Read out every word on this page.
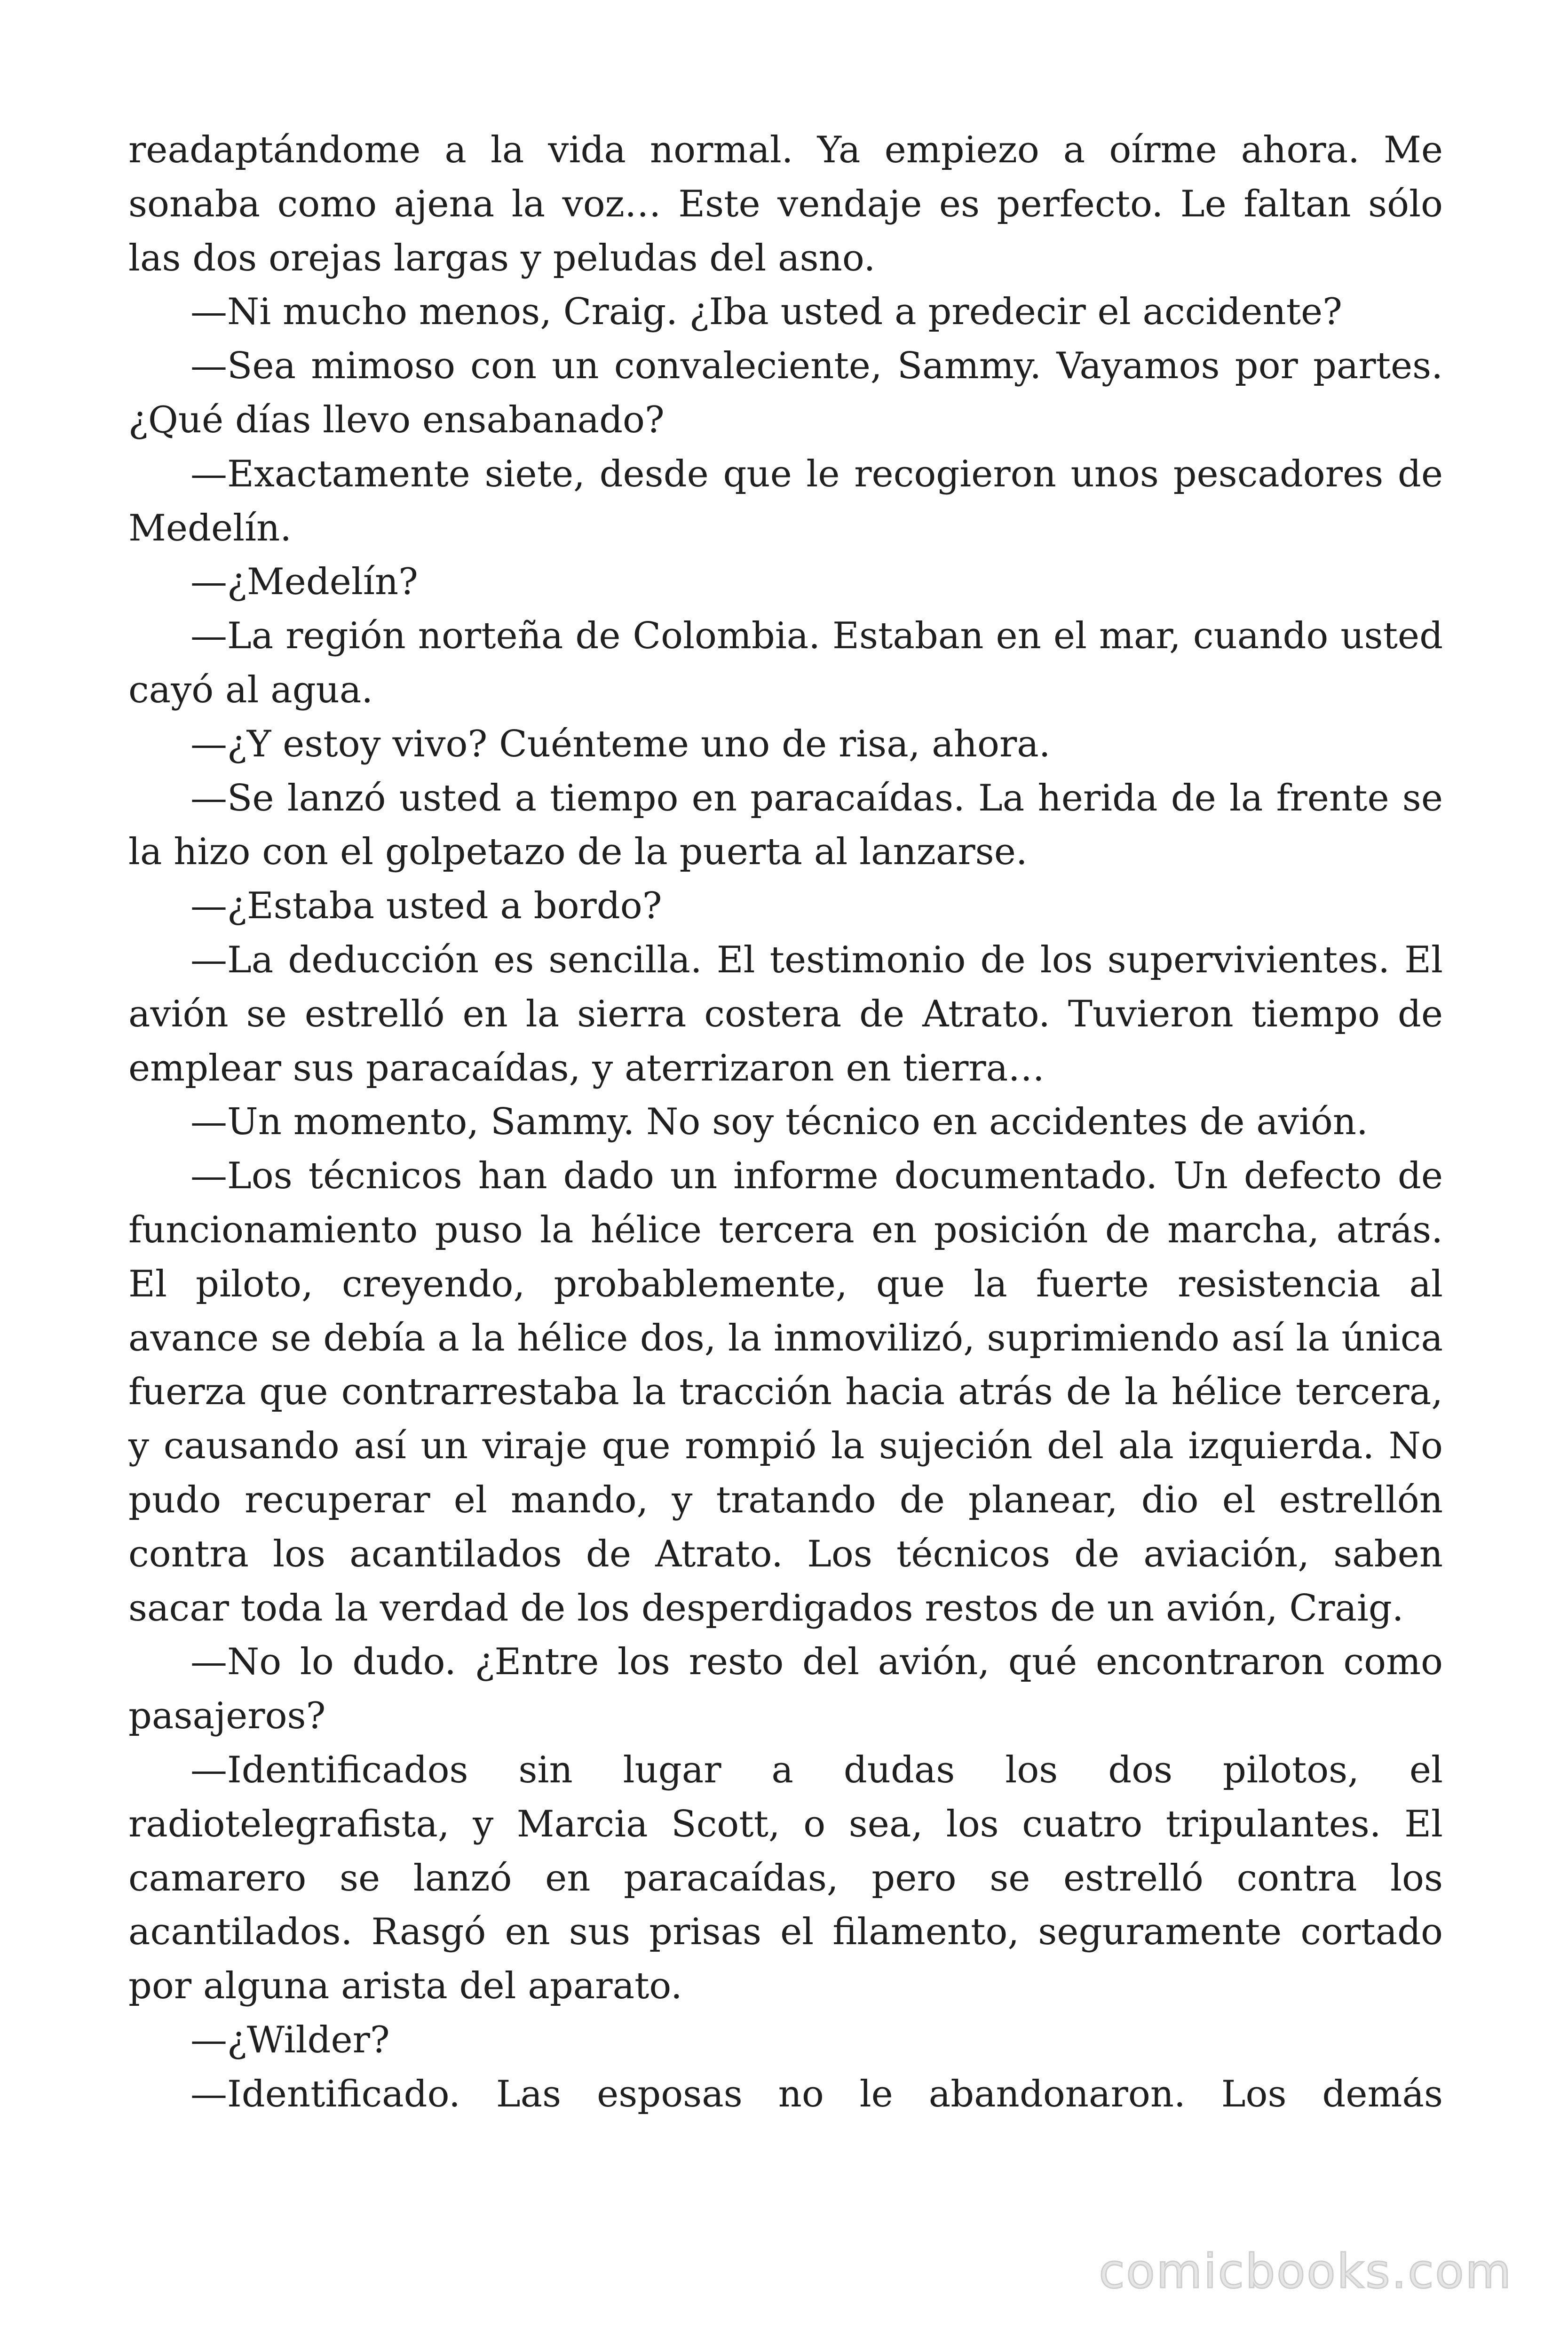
readaptándome a la vida normal. Ya empiezo a oírme ahora. Me sonaba como ajena la voz… Este vendaje es perfecto. Le faltan sólo las dos orejas largas y peludas del asno.

—Ni mucho menos, Craig. ¿Iba usted a predecir el accidente?

—Sea mimoso con un convaleciente, Sammy. Vayamos por partes. ¿Qué días llevo ensabanado?

—Exactamente siete, desde que le recogieron unos pescadores de Medelín.

—¿Medelín?

—La región norteña de Colombia. Estaban en el mar, cuando usted cayó al agua.

—¿Y estoy vivo? Cuénteme uno de risa, ahora.

—Se lanzó usted a tiempo en paracaídas. La herida de la frente se la hizo con el golpetazo de la puerta al lanzarse.

—¿Estaba usted a bordo?

—La deducción es sencilla. El testimonio de los supervivientes. El avión se estrelló en la sierra costera de Atrato. Tuvieron tiempo de emplear sus paracaídas, y aterrizaron en tierra…

—Un momento, Sammy. No soy técnico en accidentes de avión.

—Los técnicos han dado un informe documentado. Un defecto de funcionamiento puso la hélice tercera en posición de marcha, atrás. El piloto, creyendo, probablemente, que la fuerte resistencia al avance se debía a la hélice dos, la inmovilizó, suprimiendo así la única fuerza que contrarrestaba la tracción hacia atrás de la hélice tercera, y causando así un viraje que rompió la sujeción del ala izquierda. No pudo recuperar el mando, y tratando de planear, dio el estrellón contra los acantilados de Atrato. Los técnicos de aviación, saben sacar toda la verdad de los desperdigados restos de un avión, Craig.

—No lo dudo. ¿Entre los resto del avión, qué encontraron como pasajeros?

—Identificados sin lugar a dudas los dos pilotos, el radiotelegrafista, y Marcia Scott, o sea, los cuatro tripulantes. El camarero se lanzó en paracaídas, pero se estrelló contra los acantilados. Rasgó en sus prisas el filamento, seguramente cortado por alguna arista del aparato.

—¿Wilder?

—Identificado. Las esposas no le abandonaron. Los demás

comicbooks.com
